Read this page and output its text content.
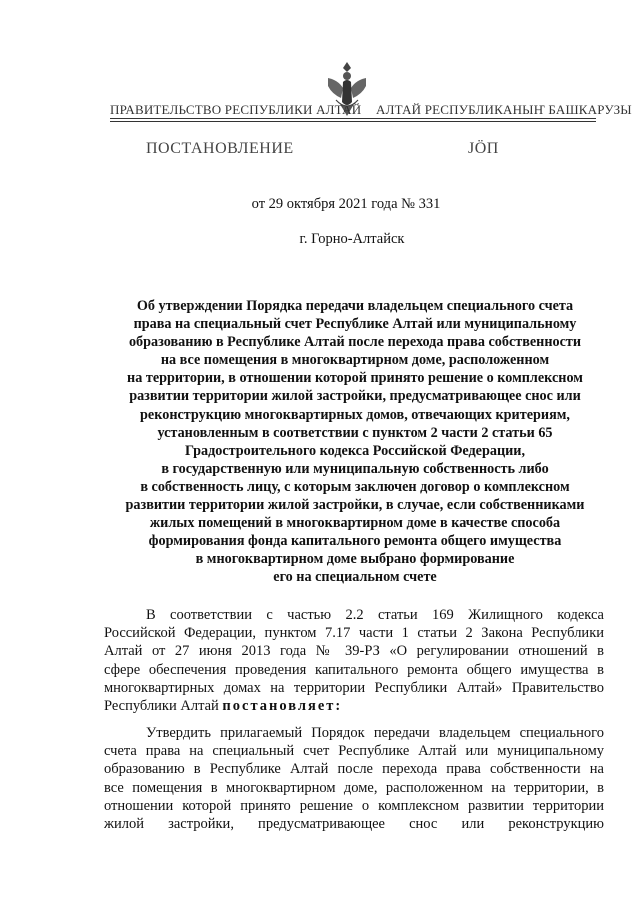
ПРАВИТЕЛЬСТВО РЕСПУБЛИКИ АЛТАЙ АЛТАЙ РЕСПУБЛИКАНЫҤ БАШКАРУЗЫ
ПОСТАНОВЛЕНИЕ	JÖП
от 29 октября 2021 года № 331
г. Горно-Алтайск
Об утверждении Порядка передачи владельцем специального счета
права на специальный счет Республике Алтай или муниципальному
образованию в Республике Алтай после перехода права собственности
на все помещения в многоквартирном доме, расположенном
на территории, в отношении которой принято решение о комплексном
развитии территории жилой застройки, предусматривающее снос или
реконструкцию многоквартирных домов, отвечающих критериям,
установленным в соответствии с пунктом 2 части 2 статьи 65
Градостроительного кодекса Российской Федерации,
в государственную или муниципальную собственность либо
в собственность лицу, с которым заключен договор о комплексном
развитии территории жилой застройки, в случае, если собственниками
жилых помещений в многоквартирном доме в качестве способа
формирования фонда капитального ремонта общего имущества
в многоквартирном доме выбрано формирование
его на специальном счете
В соответствии с частью 2.2 статьи 169 Жилищного кодекса
Российской Федерации, пунктом 7.17 части 1 статьи 2 Закона Республики
Алтай от 27 июня 2013 года № 39-РЗ «О регулировании отношений в
сфере обеспечения проведения капитального ремонта общего имущества в
многоквартирных домах на территории Республики Алтай» Правительство
Республики Алтай постановляет:
Утвердить прилагаемый Порядок передачи владельцем специального
счета права на специальный счет Республике Алтай или муниципальному
образованию в Республике Алтай после перехода права собственности на
все помещения в многоквартирном доме, расположенном на территории, в
отношении которой принято решение о комплексном развитии территории
жилой застройки, предусматривающее снос или реконструкцию
